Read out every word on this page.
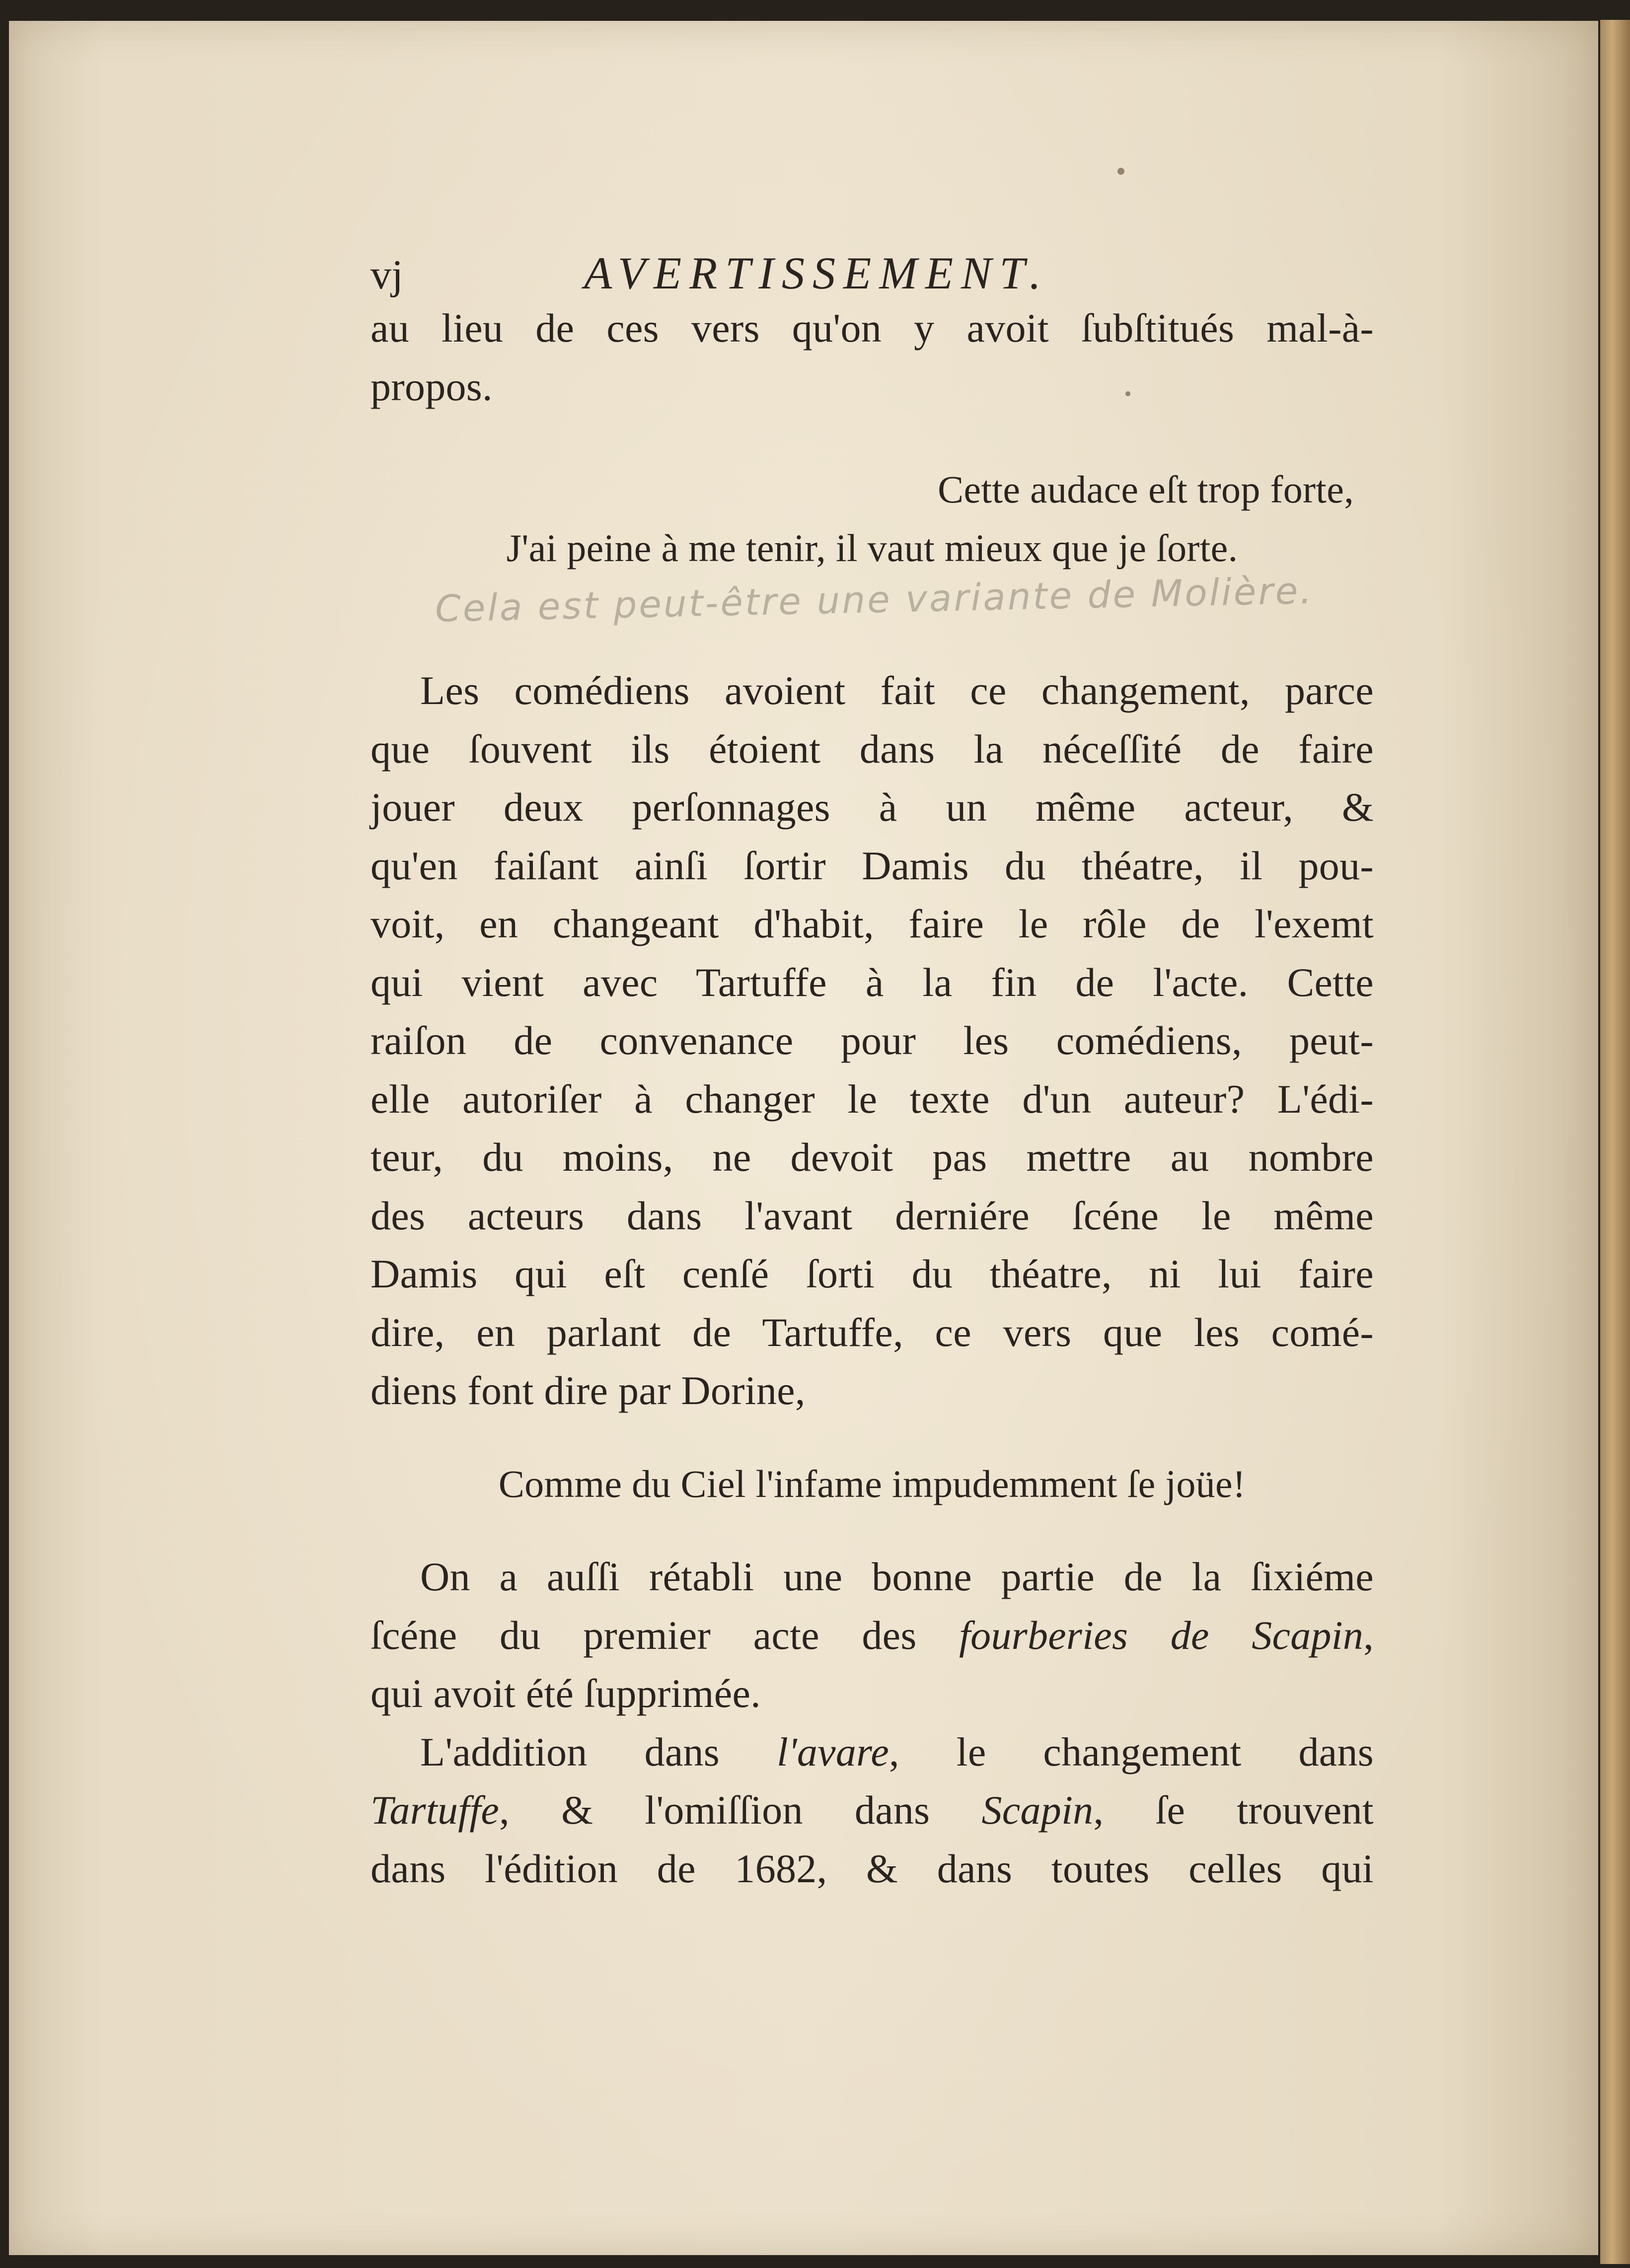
vj	AVERTISSEMENT.
au lieu de ces vers qu'on y avoit ſubſtitués mal-à-
propos.
Cette audace eſt trop forte,
J'ai peine à me tenir, il vaut mieux que je ſorte.
Cela est peut-être une variante de Molière.
Les comédiens avoient fait ce changement, parce
que ſouvent ils étoient dans la néceſſité de faire
jouer deux perſonnages à un même acteur, &
qu'en faiſant ainſi ſortir Damis du théatre, il pou-
voit, en changeant d'habit, faire le rôle de l'exemt
qui vient avec Tartuffe à la fin de l'acte. Cette
raiſon de convenance pour les comédiens, peut-
elle autoriſer à changer le texte d'un auteur? L'édi-
teur, du moins, ne devoit pas mettre au nombre
des acteurs dans l'avant derniére ſcéne le même
Damis qui eſt cenſé ſorti du théatre, ni lui faire
dire, en parlant de Tartuffe, ce vers que les comé-
diens font dire par Dorine,
Comme du Ciel l'infame impudemment ſe joüe!
On a auſſi rétabli une bonne partie de la ſixiéme
ſcéne du premier acte des fourberies de Scapin,
qui avoit été ſupprimée.
L'addition dans l'avare, le changement dans
Tartuffe, & l'omiſſion dans Scapin, ſe trouvent
dans l'édition de 1682, & dans toutes celles qui
